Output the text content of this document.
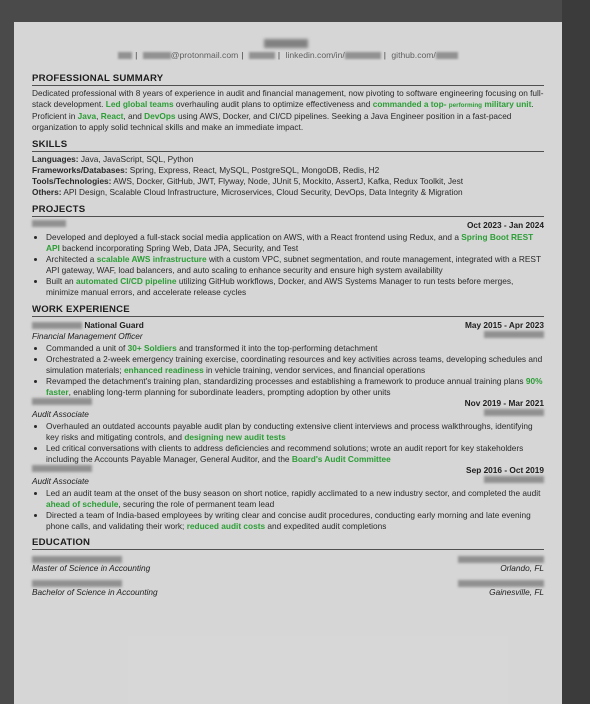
|	@protonmail.com |	| linkedin.com/in/	| github.com/
PROFESSIONAL SUMMARY

Dedicated professional with 8 years of experience in audit and financial management, now pivoting to software engineering focusing on full-stack development. Led global teams overhauling audit plans to optimize effectiveness and commanded a top- performing military unit. Proficient in Java, React, and DevOps using AWS, Docker, and CI/CD pipelines. Seeking a Java Engineer position in a fast-paced organization to apply solid technical skills and make an immediate impact.

SKILLS
Languages: Java, JavaScript, SQL, Python
Frameworks/Databases: Spring, Express, React, MySQL, PostgreSQL, MongoDB, Redis, H2
Tools/Technologies: AWS, Docker, GitHub, JWT, Flyway, Node, JUnit 5, Mockito, AssertJ, Kafka, Redux Toolkit, Jest
Others: API Design, Scalable Cloud Infrastructure, Microservices, Cloud Security, DevOps, Data Integrity & Migration
PROJECTS
Oct 2023 - Jan 2024
• Developed and deployed a full-stack social media application on AWS, with a React frontend using Redux, and a Spring Boot REST API backend incorporating Spring Web, Data JPA, Security, and Test
• Architected a scalable AWS infrastructure with a custom VPC, subnet segmentation, and route management, integrated with a REST API gateway, WAF, load balancers, and auto scaling to enhance security and ensure high system availability
• Built an automated CI/CD pipeline utilizing GitHub workflows, Docker, and AWS Systems Manager to run tests before merges, minimize manual errors, and accelerate release cycles
WORK EXPERIENCE
National Guard	May 2015 - Apr 2023
Financial Management Officer
• Commanded a unit of 30+ Soldiers and transformed it into the top-performing detachment
• Orchestrated a 2-week emergency training exercise, coordinating resources and key activities across teams, developing schedules and simulation materials; enhanced readiness in vehicle training, vendor services, and financial operations
• Revamped the detachment's training plan, standardizing processes and establishing a framework to produce annual training plans 90% faster, enabling long-term planning for subordinate leaders, prompting adoption by other units
Nov 2019 - Mar 2021
Audit Associate
• Overhauled an outdated accounts payable audit plan by conducting extensive client interviews and process walkthroughs, identifying key risks and mitigating controls, and designing new audit tests
• Led critical conversations with clients to address deficiencies and recommend solutions; wrote an audit report for key stakeholders including the Accounts Payable Manager, General Auditor, and the Board's Audit Committee
Sep 2016 - Oct 2019
Audit Associate
• Led an audit team at the onset of the busy season on short notice, rapidly acclimated to a new industry sector, and completed the audit ahead of schedule, securing the role of permanent team lead
• Directed a team of India-based employees by writing clear and concise audit procedures, conducting early morning and late evening phone calls, and validating their work; reduced audit costs and expedited audit completions
EDUCATION
Master of Science in Accounting	Orlando, FL
Bachelor of Science in Accounting	Gainesville, FL
